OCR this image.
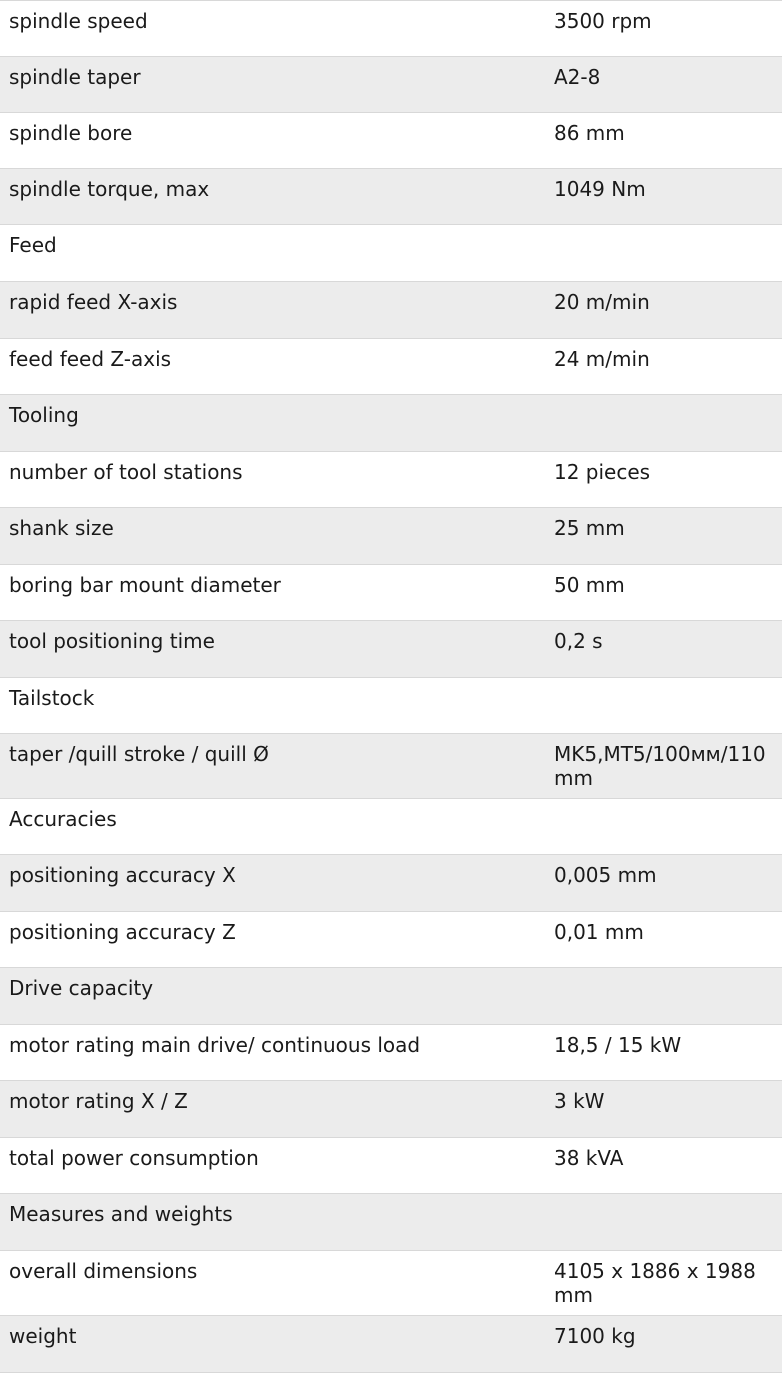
spindle speed	3500 rpm
spindle taper	A2-8
spindle bore	86 mm
spindle torque, max	1049 Nm
Feed
rapid feed X-axis	20 m/min
feed feed Z-axis	24 m/min
Tooling
number of tool stations	12 pieces
shank size	25 mm
boring bar mount diameter	50 mm
tool positioning time	0,2 s
Tailstock
taper /quill stroke / quill Ø	MK5,MT5/100мм/110 mm
Accuracies
positioning accuracy X	0,005 mm
positioning accuracy Z	0,01 mm
Drive capacity
motor rating main drive/ continuous load	18,5 / 15 kW
motor rating X / Z	3 kW
total power consumption	38 kVA
Measures and weights
overall dimensions	4105 x 1886 x 1988 mm
weight	7100 kg
